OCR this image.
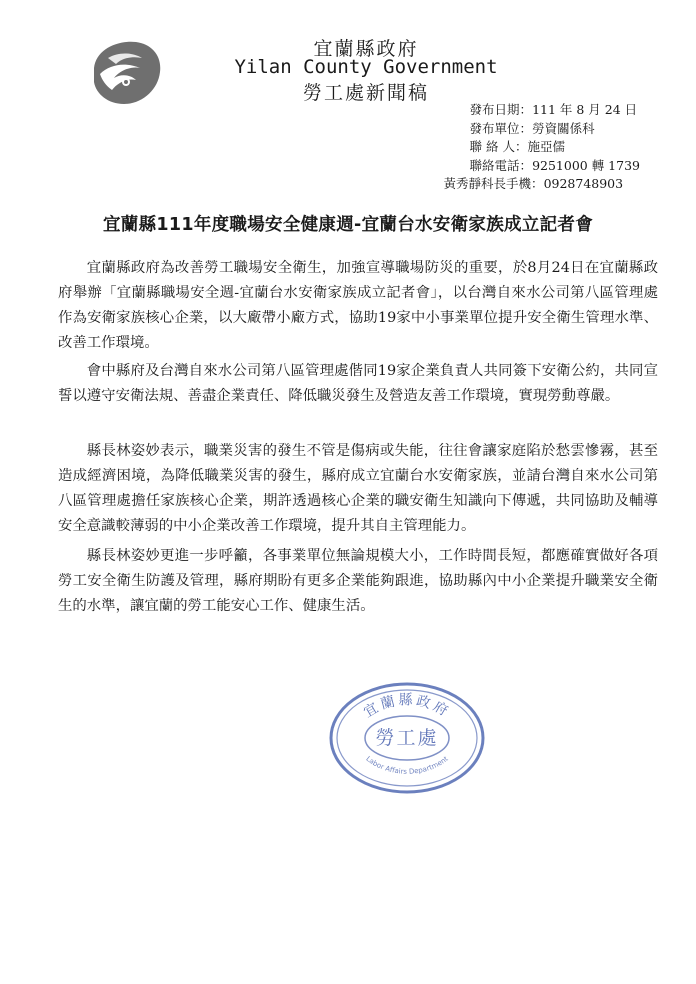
宜蘭縣政府
Yilan County Government
勞工處新聞稿
發布日期：111 年 8 月 24 日
發布單位：勞資關係科
聯 絡 人：施亞儒
聯絡電話：9251000 轉 1739
黃秀靜科長手機：0928748903
宜蘭縣111年度職場安全健康週-宜蘭台水安衛家族成立記者會

宜蘭縣政府為改善勞工職場安全衛生，加強宣導職場防災的重要，於8月24日在宜蘭縣政府舉辦「宜蘭縣職場安全週-宜蘭台水安衛家族成立記者會」，以台灣自來水公司第八區管理處作為安衛家族核心企業，以大廠帶小廠方式，協助19家中小事業單位提升安全衛生管理水準、改善工作環境。

會中縣府及台灣自來水公司第八區管理處偕同19家企業負責人共同簽下安衛公約，共同宣誓以遵守安衛法規、善盡企業責任、降低職災發生及營造友善工作環境，實現勞動尊嚴。

縣長林姿妙表示，職業災害的發生不管是傷病或失能，往往會讓家庭陷於愁雲慘霧，甚至造成經濟困境，為降低職業災害的發生，縣府成立宜蘭台水安衛家族，並請台灣自來水公司第八區管理處擔任家族核心企業，期許透過核心企業的職安衛生知識向下傳遞，共同協助及輔導安全意識較薄弱的中小企業改善工作環境，提升其自主管理能力。

縣長林姿妙更進一步呼籲，各事業單位無論規模大小，工作時間長短，都應確實做好各項勞工安全衛生防護及管理，縣府期盼有更多企業能夠跟進，協助縣內中小企業提升職業安全衛生的水準，讓宜蘭的勞工能安心工作、健康生活。

宜蘭縣政府
勞工處
Labor Affairs Department
